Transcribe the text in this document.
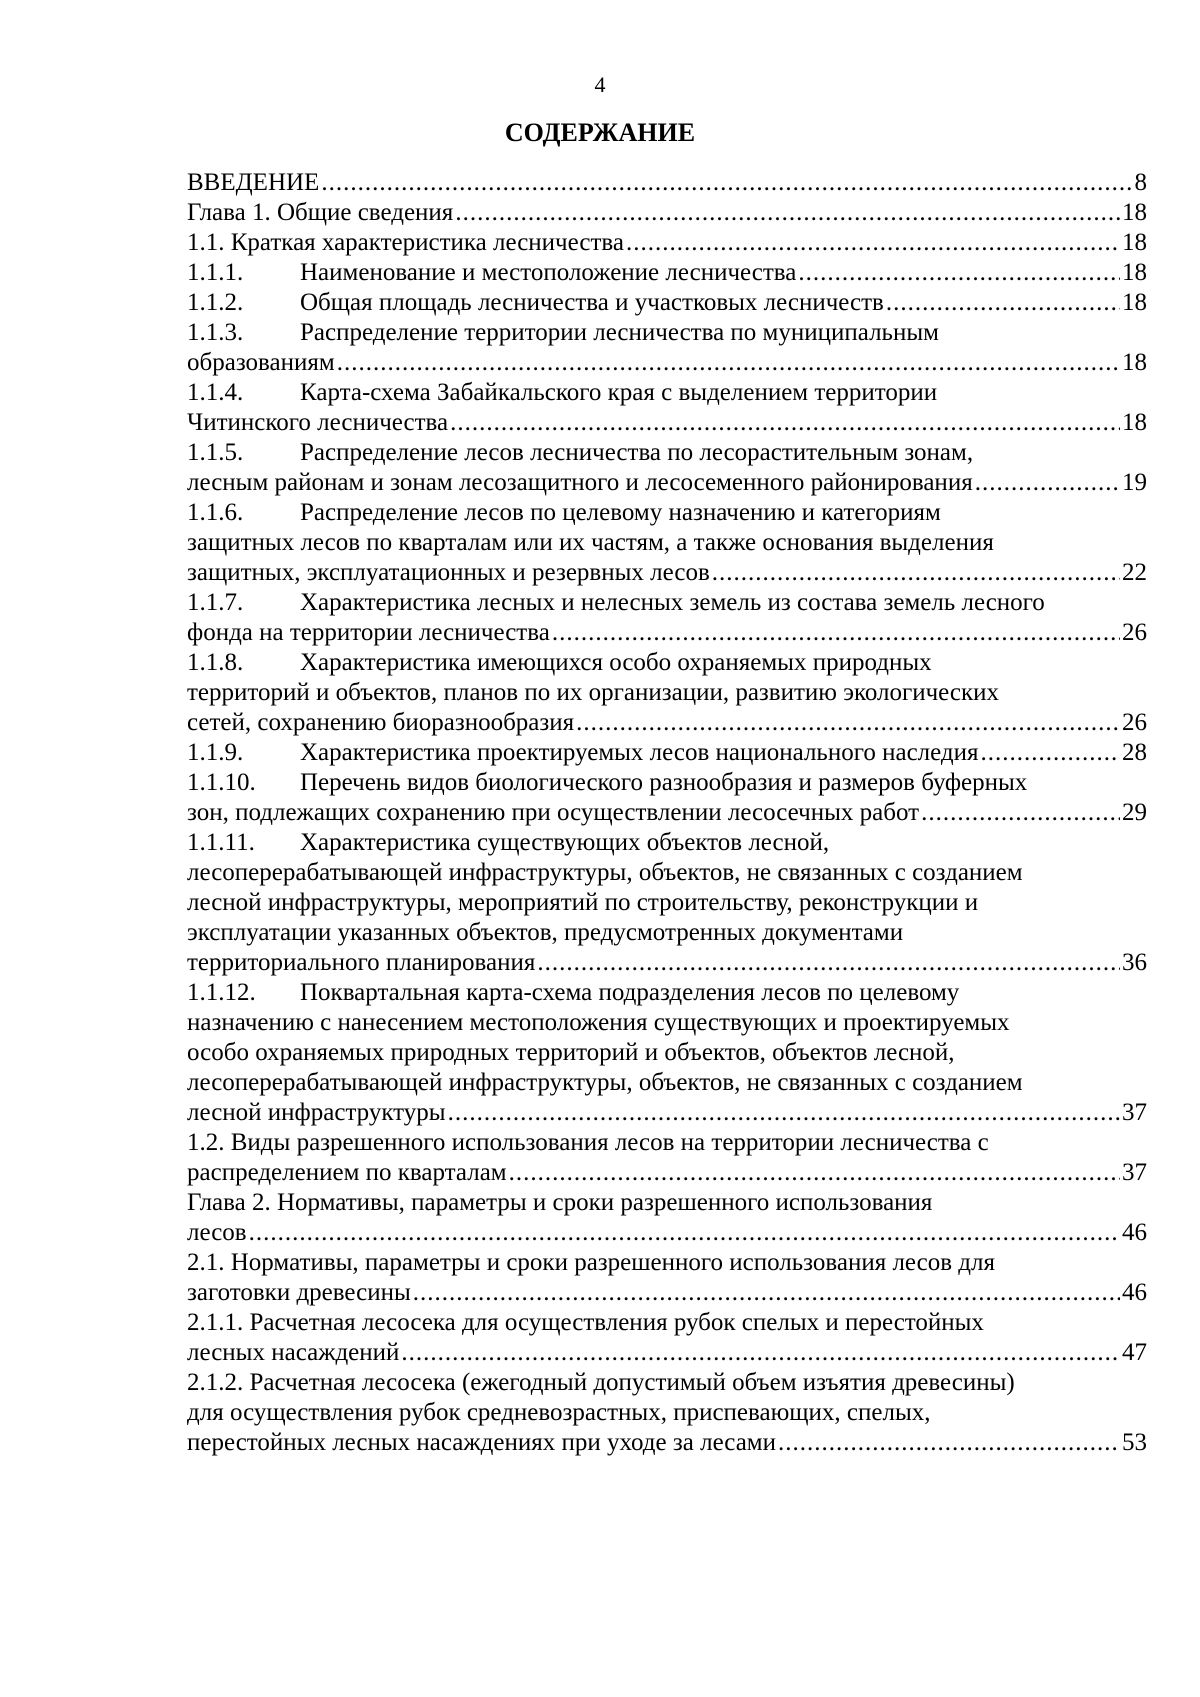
4
СОДЕРЖАНИЕ
ВВЕДЕНИЕ .....	8
Глава 1. Общие сведения .....	18
1.1. Краткая характеристика лесничества .....	18
1.1.1. Наименование и местоположение лесничества .....	18
1.1.2. Общая площадь лесничества и участковых лесничеств .....	18
1.1.3. Распределение территории лесничества по муниципальным
образованиям .....	18
1.1.4. Карта-схема Забайкальского края с выделением территории
Читинского лесничества .....	18
1.1.5. Распределение лесов лесничества по лесорастительным зонам,
лесным районам и зонам лесозащитного и лесосеменного районирования .....	19
1.1.6. Распределение лесов по целевому назначению и категориям
защитных лесов по кварталам или их частям, а также основания выделения
защитных, эксплуатационных и резервных лесов .....	22
1.1.7. Характеристика лесных и нелесных земель из состава земель лесного
фонда на территории лесничества .....	26
1.1.8. Характеристика имеющихся особо охраняемых природных
территорий и объектов, планов по их организации, развитию экологических
сетей, сохранению биоразнообразия .....	26
1.1.9. Характеристика проектируемых лесов национального наследия .....	28
1.1.10. Перечень видов биологического разнообразия и размеров буферных
зон, подлежащих сохранению при осуществлении лесосечных работ .....	29
1.1.11. Характеристика существующих объектов лесной,
лесоперерабатывающей инфраструктуры, объектов, не связанных с созданием
лесной инфраструктуры, мероприятий по строительству, реконструкции и
эксплуатации указанных объектов, предусмотренных документами
территориального планирования .....	36
1.1.12. Поквартальная карта-схема подразделения лесов по целевому
назначению с нанесением местоположения существующих и проектируемых
особо охраняемых природных территорий и объектов, объектов лесной,
лесоперерабатывающей инфраструктуры, объектов, не связанных с созданием
лесной инфраструктуры .....	37
1.2. Виды разрешенного использования лесов на территории лесничества с
распределением по кварталам .....	37
Глава 2. Нормативы, параметры и сроки разрешенного использования
лесов .....	46
2.1. Нормативы, параметры и сроки разрешенного использования лесов для
заготовки древесины .....	46
2.1.1. Расчетная лесосека для осуществления рубок спелых и перестойных
лесных насаждений .....	47
2.1.2. Расчетная лесосека (ежегодный допустимый объем изъятия древесины)
для осуществления рубок средневозрастных, приспевающих, спелых,
перестойных лесных насаждениях при уходе за лесами .....	53
